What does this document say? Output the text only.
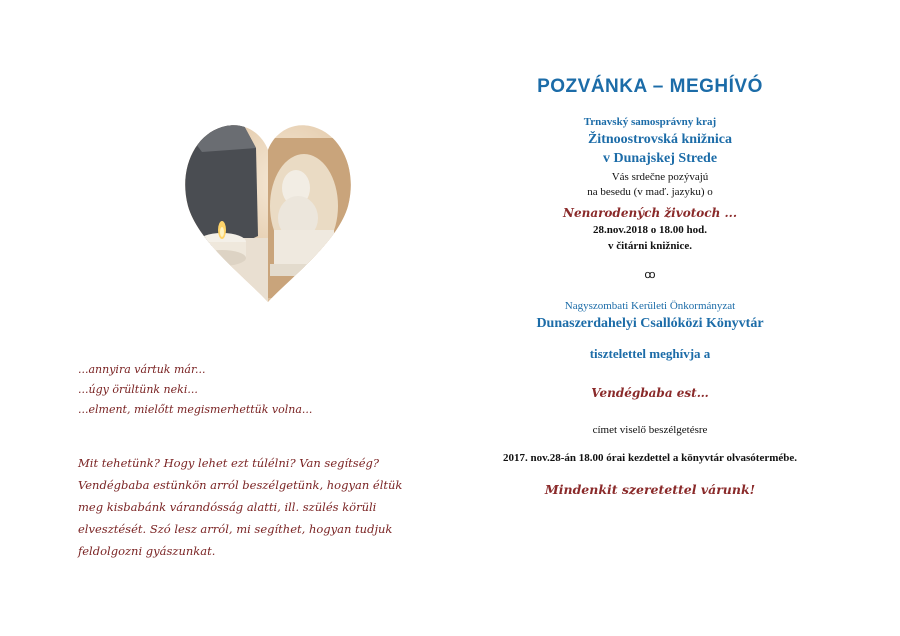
...annyira vártuk már...
...úgy örültünk neki...
...elment, mielőtt megismerhettük volna...
Mit tehetünk? Hogy lehet ezt túlélni? Van segítség?
Vendégbaba estünkön arról beszélgetünk, hogyan éltük
meg kisbabánk várandósság alatti, ill. szülés körüli
elvesztését. Szó lesz arról, mi segíthet, hogyan tudjuk
feldolgozni gyászunkat.
POZVÁNKA – MEGHÍVÓ
Trnavský samosprávny kraj
Žitnoostrovská knižnica
v Dunajskej Strede
Vás srdečne pozývajú
na besedu (v maď. jazyku) o
Nenarodených životoch ...
28.nov.2018 o 18.00 hod.
v čitárni knižnice.
ꝏ
Nagyszombati Kerületi Önkormányzat
Dunaszerdahelyi Csallóközi Könyvtár
tisztelettel meghívja a
Vendégbaba est…
címet viselő beszélgetésre
2017. nov.28-án 18.00 órai kezdettel a könyvtár olvasótermébe.
Mindenkit szeretettel várunk!
